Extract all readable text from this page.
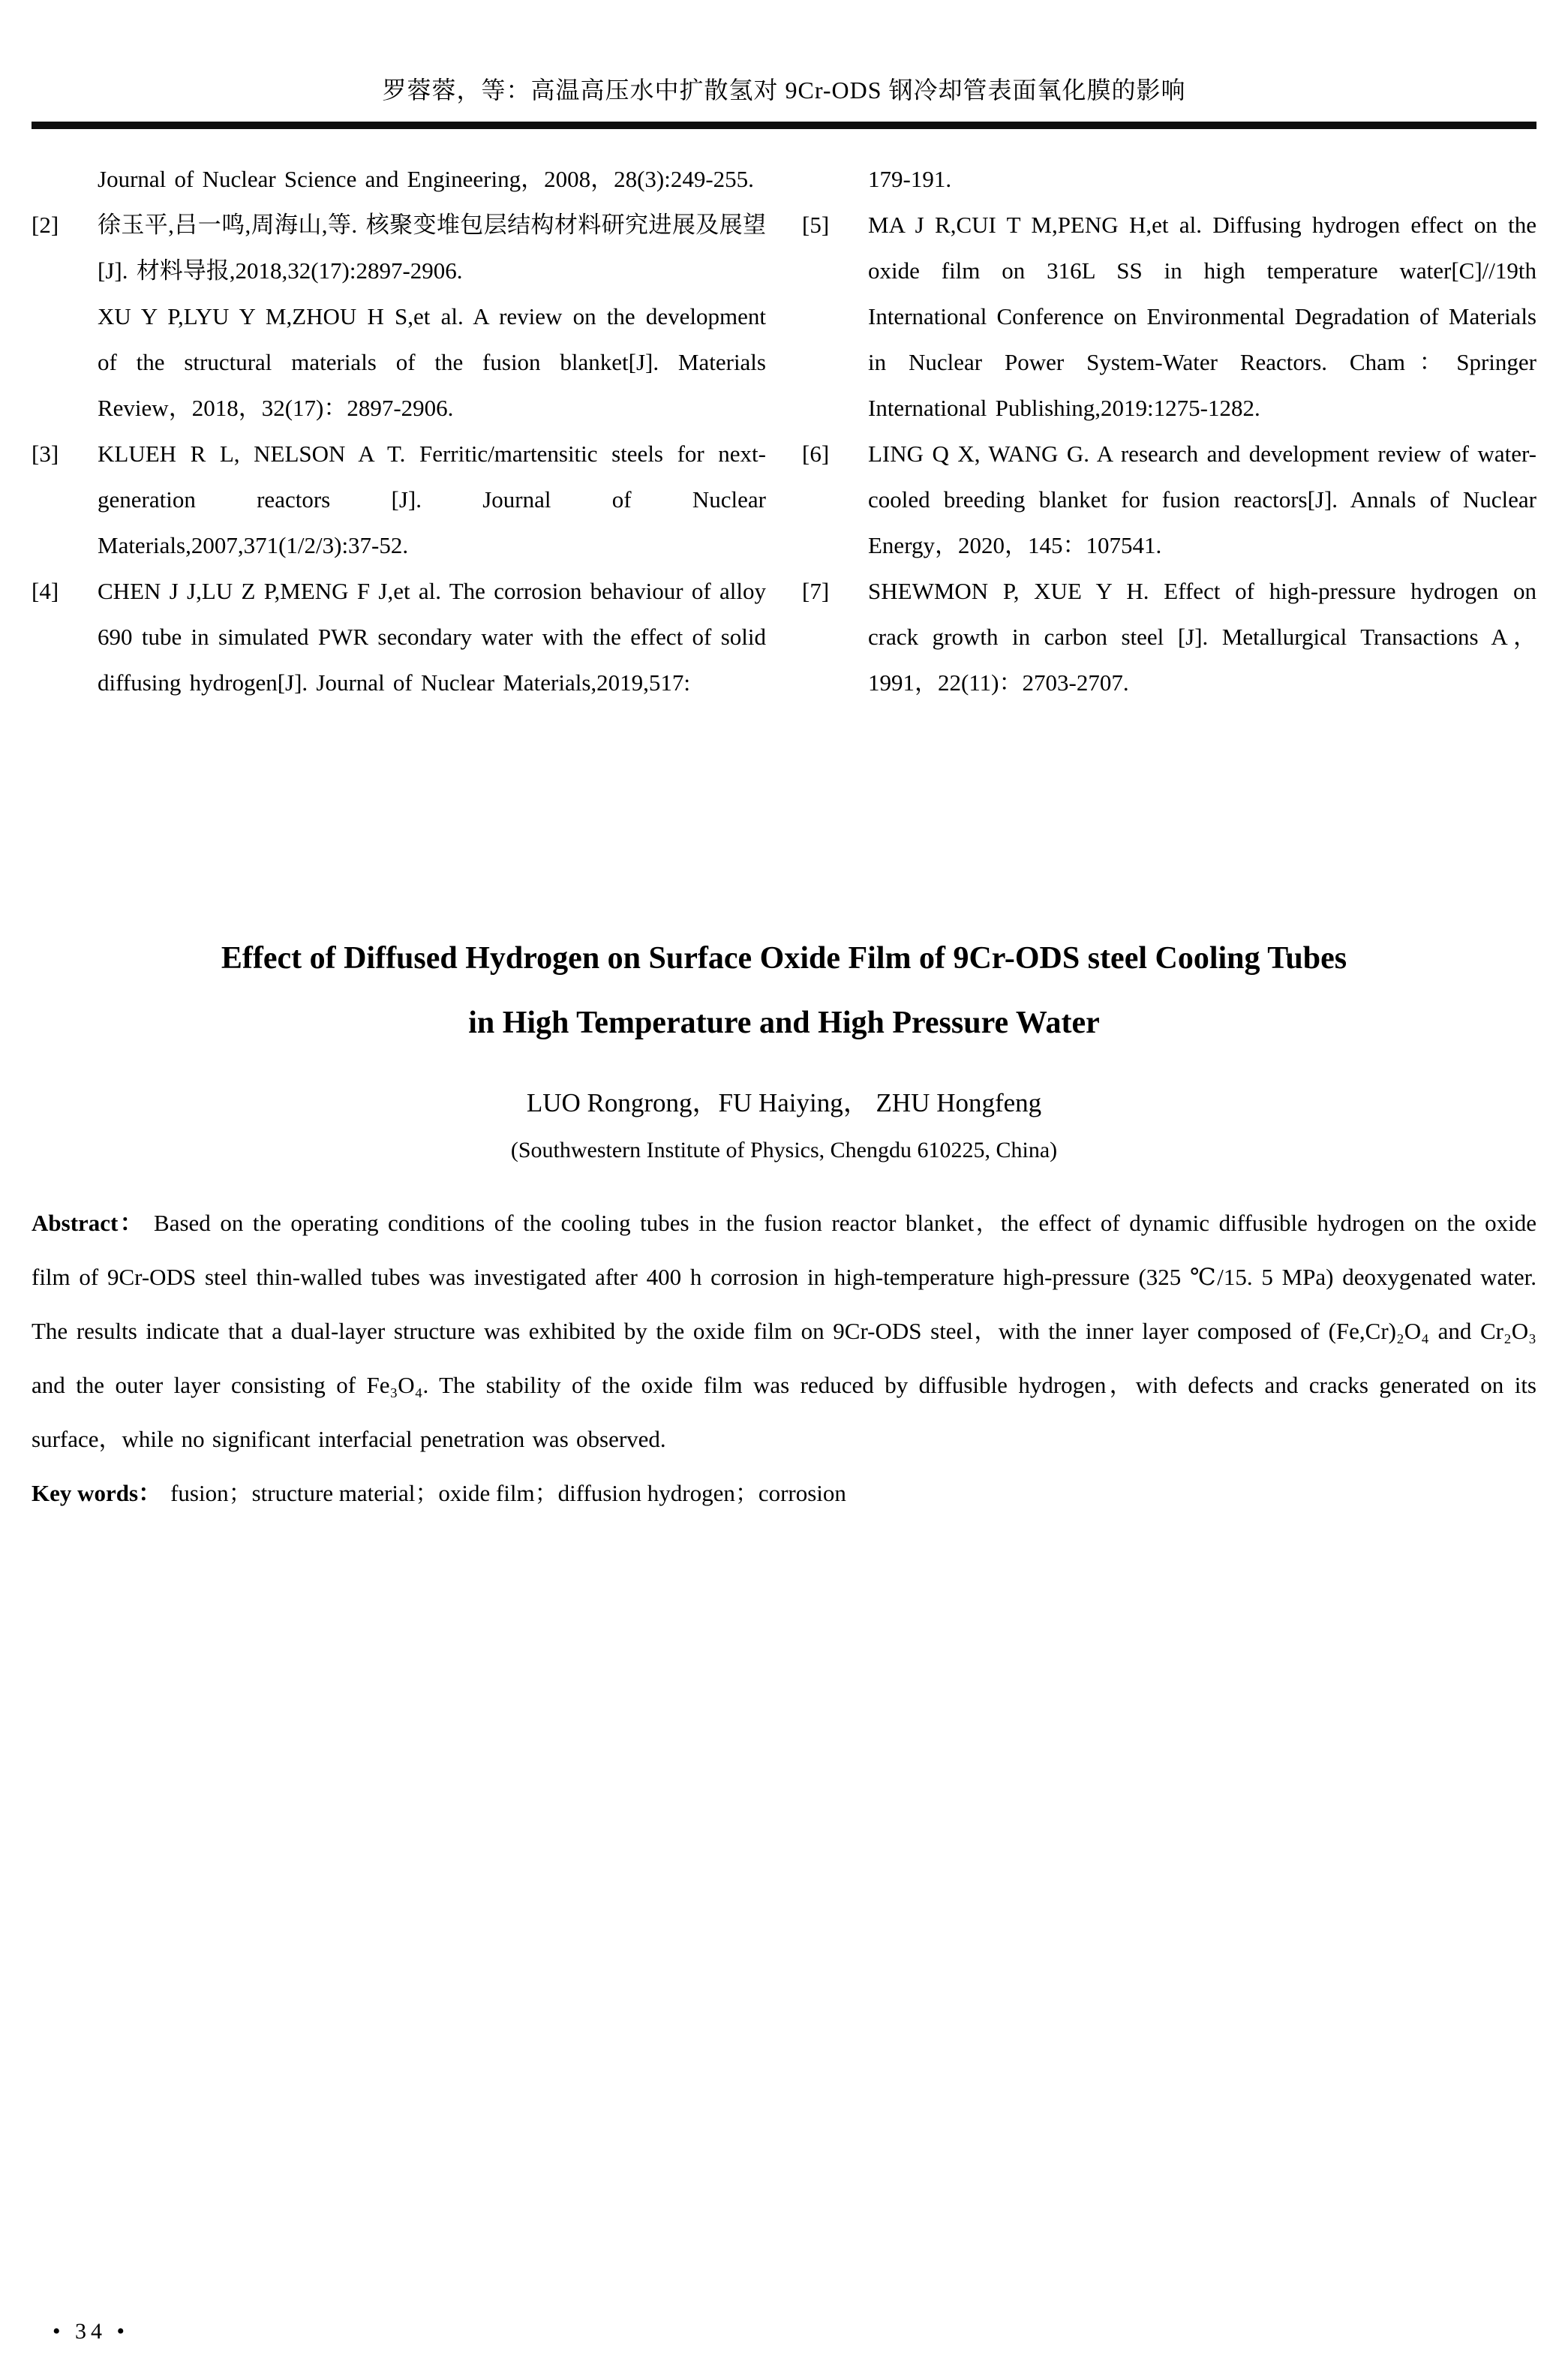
罗蓉蓉，等：高温高压水中扩散氢对 9Cr-ODS 钢冷却管表面氧化膜的影响
Journal of Nuclear Science and Engineering，2008，28(3):249-255.
[2]	徐玉平,吕一鸣,周海山,等. 核聚变堆包层结构材料研究进展及展望[J]. 材料导报,2018,32(17):2897-2906.
XU Y P,LYU Y M,ZHOU H S,et al. A review on the development of the structural materials of the fusion blanket[J]. Materials Review，2018，32(17)：2897-2906.
[3]	KLUEH R L, NELSON A T. Ferritic/martensitic steels for next-generation reactors [J]. Journal of Nuclear Materials,2007,371(1/2/3):37-52.
[4]	CHEN J J,LU Z P,MENG F J,et al. The corrosion behaviour of alloy 690 tube in simulated PWR secondary water with the effect of solid diffusing hydrogen[J]. Journal of Nuclear Materials,2019,517:
179-191.
[5]	MA J R,CUI T M,PENG H,et al. Diffusing hydrogen effect on the oxide film on 316L SS in high temperature water[C]//19th International Conference on Environmental Degradation of Materials in Nuclear Power System-Water Reactors. Cham：Springer International Publishing,2019:1275-1282.
[6]	LING Q X, WANG G. A research and development review of water-cooled breeding blanket for fusion reactors[J]. Annals of Nuclear Energy，2020，145：107541.
[7]	SHEWMON P, XUE Y H. Effect of high-pressure hydrogen on crack growth in carbon steel [J]. Metallurgical Transactions A，1991，22(11)：2703-2707.
Effect of Diffused Hydrogen on Surface Oxide Film of 9Cr-ODS steel Cooling Tubes
in High Temperature and High Pressure Water
LUO Rongrong，FU Haiying， ZHU Hongfeng
(Southwestern Institute of Physics, Chengdu 610225, China)

Abstract： Based on the operating conditions of the cooling tubes in the fusion reactor blanket，the effect of dynamic diffusible hydrogen on the oxide film of 9Cr-ODS steel thin-walled tubes was investigated after 400 h corrosion in high-temperature high-pressure (325 ℃/15. 5 MPa) deoxygenated water. The results indicate that a dual-layer structure was exhibited by the oxide film on 9Cr-ODS steel，with the inner layer composed of (Fe,Cr)₂O₄ and Cr₂O₃ and the outer layer consisting of Fe₃O₄. The stability of the oxide film was reduced by diffusible hydrogen，with defects and cracks generated on its surface，while no significant interfacial penetration was observed.

Key words： fusion；structure material；oxide film；diffusion hydrogen；corrosion

• 34 •
